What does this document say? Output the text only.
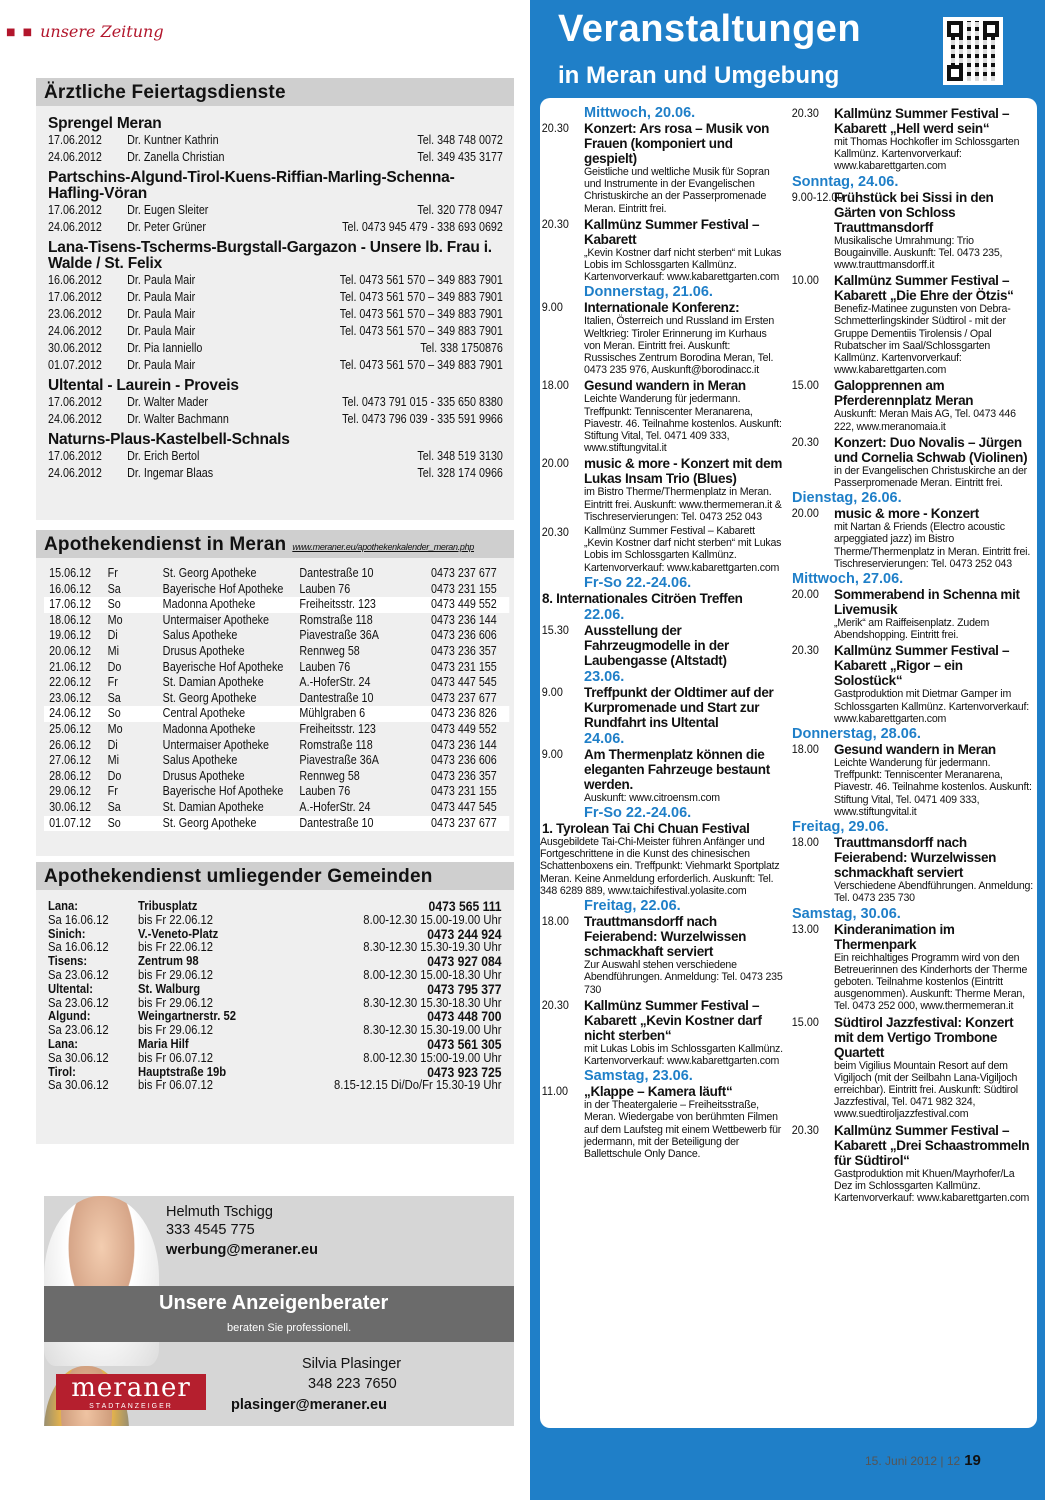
■ ■ unsere Zeitung
Ärztliche Feiertagsdienste
Sprengel Meran
17.06.2012	Dr. Kuntner Kathrin	Tel. 348 748 0072
24.06.2012	Dr. Zanella Christian	Tel. 349 435 3177
Partschins-Algund-Tirol-Kuens-Riffian-Marling-Schenna-Hafling-Vöran
17.06.2012	Dr. Eugen Sleiter	Tel. 320 778 0947
24.06.2012	Dr. Peter Grüner	Tel. 0473 945 479 - 338 693 0692
Lana-Tisens-Tscherms-Burgstall-Gargazon - Unsere lb. Frau i. Walde / St. Felix
16.06.2012	Dr. Paula Mair	Tel. 0473 561 570 – 349 883 7901
17.06.2012	Dr. Paula Mair	Tel. 0473 561 570 – 349 883 7901
23.06.2012	Dr. Paula Mair	Tel. 0473 561 570 – 349 883 7901
24.06.2012	Dr. Paula Mair	Tel. 0473 561 570 – 349 883 7901
30.06.2012	Dr. Pia Ianniello	Tel. 338 1750876
01.07.2012	Dr. Paula Mair	Tel. 0473 561 570 – 349 883 7901
Ultental - Laurein - Proveis
17.06.2012	Dr. Walter Mader	Tel. 0473 791 015 - 335 650 8380
24.06.2012	Dr. Walter Bachmann	Tel. 0473 796 039 - 335 591 9966
Naturns-Plaus-Kastelbell-Schnals
17.06.2012	Dr. Erich Bertol	Tel. 348 519 3130
24.06.2012	Dr. Ingemar Blaas	Tel. 328 174 0966
Apothekendienst in Meran www.meraner.eu/apothekenkalender_meran.php
15.06.12	Fr	St. Georg Apotheke	Dantestraße 10	0473 237 677
16.06.12	Sa	Bayerische Hof Apotheke	Lauben 76	0473 231 155
17.06.12	So	Madonna Apotheke	Freiheitsstr. 123	0473 449 552
18.06.12	Mo	Untermaiser Apotheke	Romstraße 118	0473 236 144
19.06.12	Di	Salus Apotheke	Piavestraße 36A	0473 236 606
20.06.12	Mi	Drusus Apotheke	Rennweg 58	0473 236 357
21.06.12	Do	Bayerische Hof Apotheke	Lauben 76	0473 231 155
22.06.12	Fr	St. Damian Apotheke	A.-HoferStr. 24	0473 447 545
23.06.12	Sa	St. Georg Apotheke	Dantestraße 10	0473 237 677
24.06.12	So	Central Apotheke	Mühlgraben 6	0473 236 826
25.06.12	Mo	Madonna Apotheke	Freiheitsstr. 123	0473 449 552
26.06.12	Di	Untermaiser Apotheke	Romstraße 118	0473 236 144
27.06.12	Mi	Salus Apotheke	Piavestraße 36A	0473 236 606
28.06.12	Do	Drusus Apotheke	Rennweg 58	0473 236 357
29.06.12	Fr	Bayerische Hof Apotheke	Lauben 76	0473 231 155
30.06.12	Sa	St. Damian Apotheke	A.-HoferStr. 24	0473 447 545
01.07.12	So	St. Georg Apotheke	Dantestraße 10	0473 237 677
Apothekendienst umliegender Gemeinden
Lana:	Tribusplatz	0473 565 111
Sa 16.06.12	bis Fr 22.06.12	8.00-12.30 15.00-19.00 Uhr
Sinich:	V.-Veneto-Platz	0473 244 924
Sa 16.06.12	bis Fr 22.06.12	8.30-12.30 15.30-19.30 Uhr
Tisens:	Zentrum 98	0473 927 084
Sa 23.06.12	bis Fr 29.06.12	8.00-12.30 15.00-18.30 Uhr
Ultental:	St. Walburg	0473 795 377
Sa 23.06.12	bis Fr 29.06.12	8.30-12.30 15.30-18.30 Uhr
Algund:	Weingartnerstr. 52	0473 448 700
Sa 23.06.12	bis Fr 29.06.12	8.30-12.30 15.30-19.00 Uhr
Lana:	Maria Hilf	0473 561 305
Sa 30.06.12	bis Fr 06.07.12	8.00-12.30 15:00-19.00 Uhr
Tirol:	Hauptstraße 19b	0473 923 725
Sa 30.06.12	bis Fr 06.07.12	8.15-12.15 Di/Do/Fr 15.30-19 Uhr
Helmuth Tschigg
333 4545 775
werbung@meraner.eu
Unsere Anzeigenberater
beraten Sie professionell.
Silvia Plasinger
348 223 7650
plasinger@meraner.eu
meraner
STADTANZEIGER
Veranstaltungen
in Meran und Umgebung
Mittwoch, 20.06.
20.30	Konzert: Ars rosa – Musik von Frauen (komponiert und gespielt)
Geistliche und weltliche Musik für Sopran und Instrumente in der Evangelischen Christuskirche an der Passerpromenade Meran. Eintritt frei.
20.30	Kallmünz Summer Festival – Kabarett
„Kevin Kostner darf nicht sterben“ mit Lukas Lobis im Schlossgarten Kallmünz. Kartenvorverkauf: www.kabarettgarten.com
Donnerstag, 21.06.
9.00	Internationale Konferenz:
Italien, Österreich und Russland im Ersten Weltkrieg: Tiroler Erinnerung im Kurhaus von Meran. Eintritt frei. Auskunft: Russisches Zentrum Borodina Meran, Tel. 0473 235 976, Auskunft@borodinacc.it
18.00	Gesund wandern in Meran
Leichte Wanderung für jedermann. Treffpunkt: Tenniscenter Meranarena, Piavestr. 46. Teilnahme kostenlos. Auskunft: Stiftung Vital, Tel. 0471 409 333, www.stiftungvital.it
20.00	music & more - Konzert mit dem Lukas Insam Trio (Blues)
im Bistro Therme/Thermenplatz in Meran. Eintritt frei. Auskunft: www.thermemeran.it & Tischreservierungen: Tel. 0473 252 043
20.30	Kallmünz Summer Festival – Kabarett „Kevin Kostner darf nicht sterben“ mit Lukas Lobis im Schlossgarten Kallmünz. Kartenvorverkauf: www.kabarettgarten.com
Fr-So 22.-24.06.
8. Internationales Citröen Treffen
22.06.
15.30	Ausstellung der Fahrzeugmodelle in der Laubengasse (Altstadt)
23.06.
9.00	Treffpunkt der Oldtimer auf der Kurpromenade und Start zur Rundfahrt ins Ultental
24.06.
9.00	Am Thermenplatz können die eleganten Fahrzeuge bestaunt werden.
Auskunft: www.citroensm.com
Fr-So 22.-24.06.
1. Tyrolean Tai Chi Chuan Festival
Ausgebildete Tai-Chi-Meister führen Anfänger und Fortgeschrittene in die Kunst des chinesischen Schattenboxens ein. Treffpunkt: Viehmarkt Sportplatz Meran. Keine Anmeldung erforderlich. Auskunft: Tel. 348 6289 889, www.taichifestival.yolasite.com
Freitag, 22.06.
18.00	Trauttmansdorff nach Feierabend: Wurzelwissen schmackhaft serviert
Zur Auswahl stehen verschiedene Abendführungen. Anmeldung: Tel. 0473 235 730
20.30	Kallmünz Summer Festival – Kabarett „Kevin Kostner darf nicht sterben“
mit Lukas Lobis im Schlossgarten Kallmünz. Kartenvorverkauf: www.kabarettgarten.com
Samstag, 23.06.
11.00	„Klappe – Kamera läuft“
in der Theatergalerie – Freiheitsstraße, Meran. Wiedergabe von berühmten Filmen auf dem Laufsteg mit einem Wettbewerb für jedermann, mit der Beteiligung der Ballettschule Only Dance.
20.30	Kallmünz Summer Festival – Kabarett „Hell werd sein“
mit Thomas Hochkofler im Schlossgarten Kallmünz. Kartenvorverkauf: www.kabarettgarten.com
Sonntag, 24.06.
9.00-12.00
Frühstück bei Sissi in den Gärten von Schloss Trauttmansdorff
Musikalische Umrahmung: Trio Bougainville. Auskunft: Tel. 0473 235, www.trauttmansdorff.it
10.00	Kallmünz Summer Festival – Kabarett „Die Ehre der Ötzis“
Benefiz-Matinee zugunsten von Debra-Schmetterlingskinder Südtirol - mit der Gruppe Dementiis Tirolensis / Opal Rubatscher im Saal/Schlossgarten Kallmünz. Kartenvorverkauf: www.kabarettgarten.com
15.00	Galopprennen am Pferderennplatz Meran
Auskunft: Meran Mais AG, Tel. 0473 446 222, www.meranomaia.it
20.30	Konzert: Duo Novalis – Jürgen und Cornelia Schwab (Violinen)
in der Evangelischen Christuskirche an der Passerpromenade Meran. Eintritt frei.
Dienstag, 26.06.
20.00	music & more - Konzert
mit Nartan & Friends (Electro acoustic arpeggiated jazz) im Bistro Therme/Thermenplatz in Meran. Eintritt frei. Tischreservierungen: Tel. 0473 252 043
Mittwoch, 27.06.
20.00	Sommerabend in Schenna mit Livemusik
„Merik“ am Raiffeisenplatz. Zudem Abendshopping. Eintritt frei.
20.30	Kallmünz Summer Festival – Kabarett „Rigor – ein Solostück“
Gastproduktion mit Dietmar Gamper im Schlossgarten Kallmünz. Kartenvorverkauf: www.kabarettgarten.com
Donnerstag, 28.06.
18.00	Gesund wandern in Meran
Leichte Wanderung für jedermann. Treffpunkt: Tenniscenter Meranarena, Piavestr. 46. Teilnahme kostenlos. Auskunft: Stiftung Vital, Tel. 0471 409 333, www.stiftungvital.it
Freitag, 29.06.
18.00	Trauttmansdorff nach Feierabend: Wurzelwissen schmackhaft serviert
Verschiedene Abendführungen. Anmeldung: Tel. 0473 235 730
Samstag, 30.06.
13.00	Kinderanimation im Thermenpark
Ein reichhaltiges Programm wird von den Betreuerinnen des Kinderhorts der Therme geboten. Teilnahme kostenlos (Eintritt ausgenommen). Auskunft: Therme Meran, Tel. 0473 252 000, www.thermemeran.it
15.00	Südtirol Jazzfestival: Konzert mit dem Vertigo Trombone Quartett
beim Vigilius Mountain Resort auf dem Vigiljoch (mit der Seilbahn Lana-Vigiljoch erreichbar). Eintritt frei. Auskunft: Südtirol Jazzfestival, Tel. 0471 982 324, www.suedtiroljazzfestival.com
20.30	Kallmünz Summer Festival – Kabarett „Drei Schaastrommeln für Südtirol“
Gastproduktion mit Khuen/Mayrhofer/La Dez im Schlossgarten Kallmünz. Kartenvorverkauf: www.kabarettgarten.com
15. Juni 2012 | 12 19
